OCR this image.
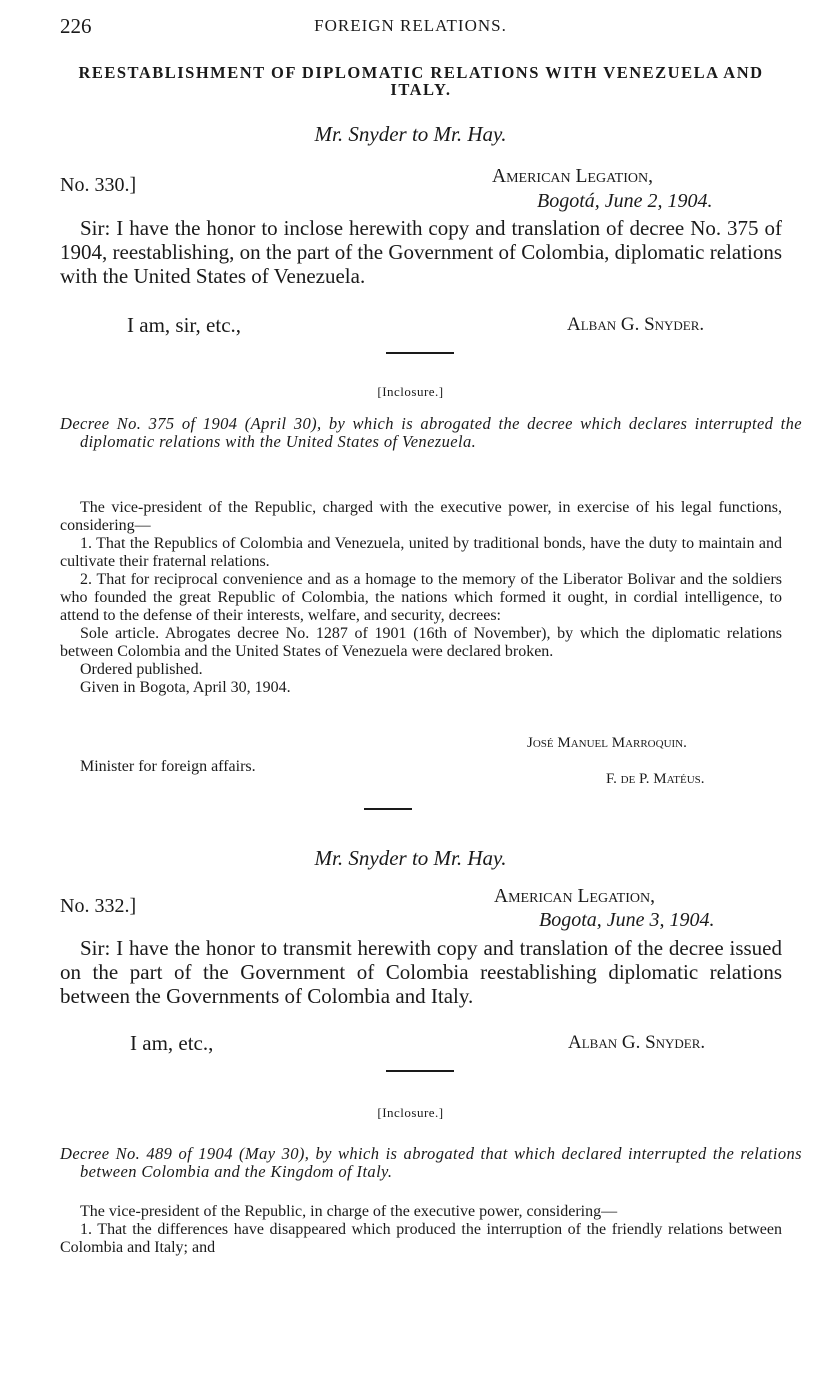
226	FOREIGN RELATIONS.
REESTABLISHMENT OF DIPLOMATIC RELATIONS WITH VENEZUELA AND ITALY.
Mr. Snyder to Mr. Hay.
No. 330.]	American Legation,
Bogotá, June 2, 1904.
Sir: I have the honor to inclose herewith copy and translation of decree No. 375 of 1904, reestablishing, on the part of the Government of Colombia, diplomatic relations with the United States of Venezuela.
I am, sir, etc.,	Alban G. Snyder.
[Inclosure.]
Decree No. 375 of 1904 (April 30), by which is abrogated the decree which declares interrupted the diplomatic relations with the United States of Venezuela.

The vice-president of the Republic, charged with the executive power, in exercise of his legal functions, considering—

1. That the Republics of Colombia and Venezuela, united by traditional bonds, have the duty to maintain and cultivate their fraternal relations.

2. That for reciprocal convenience and as a homage to the memory of the Liberator Bolivar and the soldiers who founded the great Republic of Colombia, the nations which formed it ought, in cordial intelligence, to attend to the defense of their interests, welfare, and security, decrees:

Sole article. Abrogates decree No. 1287 of 1901 (16th of November), by which the diplomatic relations between Colombia and the United States of Venezuela were declared broken.

Ordered published.

Given in Bogota, April 30, 1904.

José Manuel Marroquin.
Minister for foreign affairs.
F. de P. Matéus.
Mr. Snyder to Mr. Hay.
No. 332.]	American Legation,
Bogota, June 3, 1904.
Sir: I have the honor to transmit herewith copy and translation of the decree issued on the part of the Government of Colombia reestablishing diplomatic relations between the Governments of Colombia and Italy.
I am, etc.,	Alban G. Snyder.
[Inclosure.]
Decree No. 489 of 1904 (May 30), by which is abrogated that which declared interrupted the relations between Colombia and the Kingdom of Italy.

The vice-president of the Republic, in charge of the executive power, considering—

1. That the differences have disappeared which produced the interruption of the friendly relations between Colombia and Italy; and
